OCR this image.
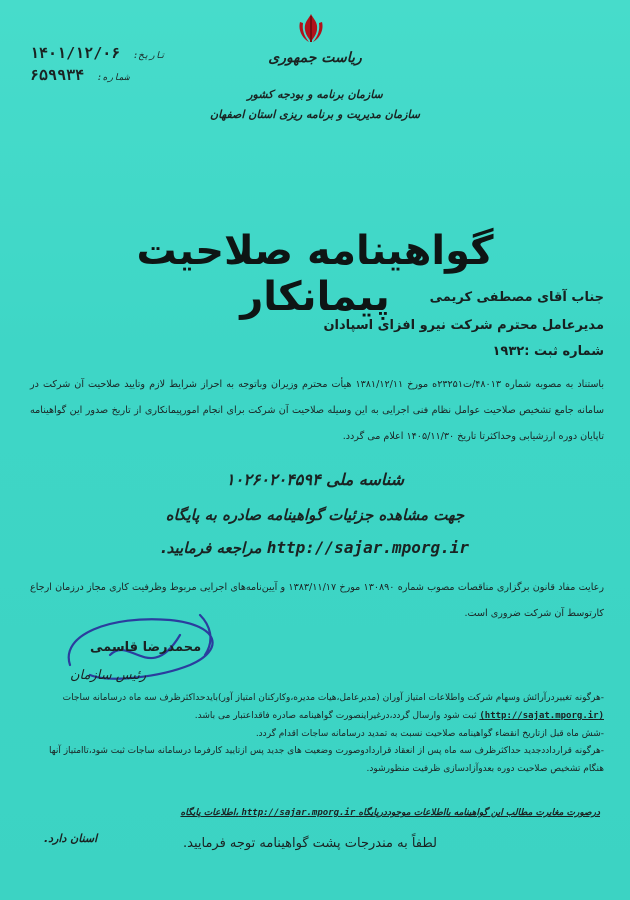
ریاست جمهوری
سازمان برنامه و بودجه کشور
سازمان مدیریت و برنامه ریزی استان اصفهان
۱۴۰۱/۱۲/۰۶ تاریخ:
۶۵۹۹۳۴ شماره:
گواهینامه صلاحیت پیمانکار	جناب آقای مصطفی کریمی
مدیرعامل محترم شرکت نیرو افزای اسپادان
شماره ثبت :۱۹۳۲
باستناد به مصوبه شماره ۴۸۰۱۳/ت۲۳۲۵۱ه مورخ ۱۳۸۱/۱۲/۱۱ هیأت محترم وزیران وباتوجه به احراز شرایط لازم وتایید صلاحیت آن شرکت در سامانه جامع تشخیص صلاحیت عوامل نظام فنی اجرایی به این وسیله صلاحیت آن شرکت برای انجام امورپیمانکاری از تاریخ صدور این گواهینامه تاپایان دوره ارزشیابی وحداکثرتا تاریخ ۱۴۰۵/۱۱/۳۰ اعلام می گردد.
شناسه ملی ۱۰۲۶۰۲۰۴۵۹۴
جهت مشاهده جزئیات گواهینامه صادره به پایگاه
http://sajar.mporg.ir مراجعه فرمایید.
رعایت مفاد قانون برگزاری مناقصات مصوب شماره ۱۳۰۸۹۰ مورخ ۱۳۸۳/۱۱/۱۷ و آیین‌نامه‌های اجرایی مربوط وظرفیت کاری مجاز درزمان ارجاع کارتوسط آن شرکت ضروری است.
محمدرضا قاسمی
رئیس سازمان

-هرگونه تغییردرآرائش وسهام شرکت واطلاعات امتیاز آوران (مدیرعامل،هیات مدیره،وکارکنان امتیاز آور)بایدحداکثرظرف سه ماه درسامانه ساجات (http://sajat.mporg.ir) ثبت شود وارسال گردد،درغیراینصورت گواهینامه صادره فاقداعتبار می باشد.

-شش ماه قبل ازتاریخ انقضاء گواهینامه صلاحیت نسبت به تمدید درسامانه ساجات اقدام گردد.

-هرگونه قرارداددجدید حداکثرظرف سه ماه پس از انعقاد قراردادوصورت وضعیت های جدید پس ازتایید کارفرما درسامانه ساجات ثبت شود،تاامتیاز آنها هنگام تشخیص صلاحیت دوره بعدوآزادسازی ظرفیت منظورشود.

درصورت مغایرت مطالب این گواهینامه بااطلاعات موجوددرپایگاه http://sajar.mporg.ir ،اطلاعات پایگاه
اسنان دارد.	لطفاً به مندرجات پشت گواهینامه توجه فرمایید.
